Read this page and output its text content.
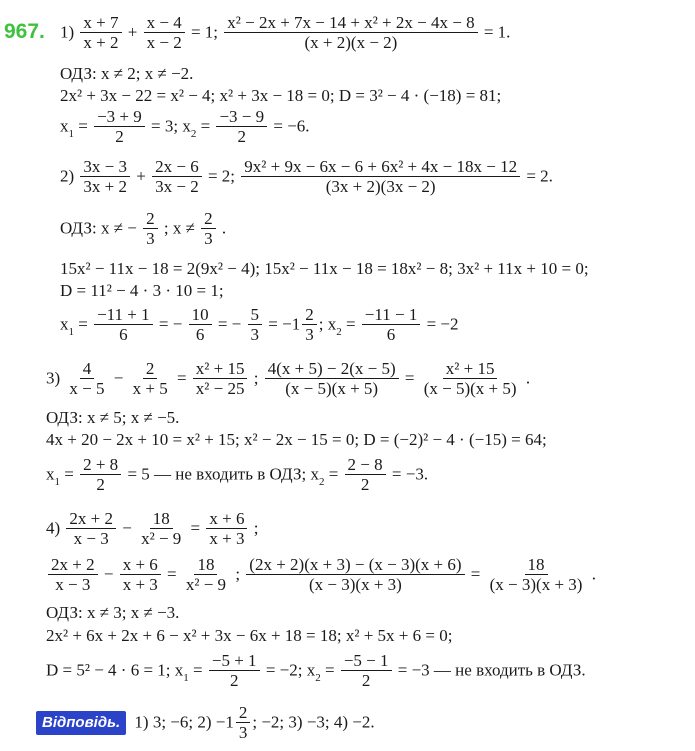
967. $1) \frac{x + 7}{x + 2} + \frac{x - 4}{x - 2} = 1$; $\frac{\text{x² − 2x + 7x − 14 + x² + 2x − 4x − 8}}{(x + 2)(x - 2)} = 1$.
ОДЗ: x ≠ 2; x ≠ −2.
2x² + 3x − 22 = x² − 4; x² + 3x − 18 = 0; D = 3² − 4 · (−18) = 81;
$x_1 = \frac{-3 + 9}{2} = 3$; $x_2 = \frac{-3 - 9}{2} = -6$.
$2) \frac{3x - 3}{3x + 2} + \frac{2x - 6}{3x - 2} = 2$; $\frac{\text{9x² + 9x − 6x − 6 + 6x² + 4x − 18x − 12}}{(3x + 2)(3x - 2)} = 2$.
ОДЗ: x ≠ − $\frac{2}{3}$ ; $x \ne \frac{2}{3}$ .
15x² − 11x − 18 = 2(9x² − 4); 15x² − 11x − 18 = 18x² − 8; 3x² + 11x + 10 = 0;
D = 11² − 4 · 3 · 10 = 1;
$x_1 = \frac{-11 + 1}{6}$ = − $\frac{10}{6}$ = − $\frac{5}{3} = -1 \frac{2}{3}$ ; $x_2 = \frac{-11 - 1}{6} = -2$
$3) \frac{4}{x - 5} - \frac{2}{x + 5} = \frac{\text{x² + 15}}{\text{x² − 25}}$ ; $\frac{4(x + 5) - 2(x - 5)}{(x - 5)(x + 5)} = \frac{\text{x² + 15}}{(x - 5)(x + 5)}$ .
ОДЗ: x ≠ 5; x ≠ −5.
4x + 20 − 2x + 10 = x² + 15; x² − 2x − 15 = 0; D = (−2)² − 4 · (−15) = 64;
$x_1 = \frac{2 + 8}{2} = 5$ — не входить в ОДЗ; $x_2 = \frac{2 - 8}{2} = -3$.
$4) \frac{2x + 2}{x - 3} - \frac{18}{\text{x² − 9}} = \frac{x + 6}{x + 3}$ ;
$\frac{2x + 2}{x - 3} - \frac{x + 6}{x + 3} = \frac{18}{\text{x² − 9}}$ ; $\frac{(2x + 2)(x + 3) - (x - 3)(x + 6)}{(x - 3)(x + 3)} = \frac{18}{(x - 3)(x + 3)}$ .
ОДЗ: x ≠ 3; x ≠ −3.
2x² + 6x + 2x + 6 − x² + 3x − 6x + 18 = 18; x² + 5x + 6 = 0;
D = 5² − 4 · 6 = 1; $x_1 = \frac{-5 + 1}{2} = -2$; $x_2 = \frac{-5 - 1}{2} = -3$ — не входить в ОДЗ.
Відповідь. 1) 3; −6; $2) -1 \frac{2}{3}$ ; −2; 3) −3; 4) −2.
